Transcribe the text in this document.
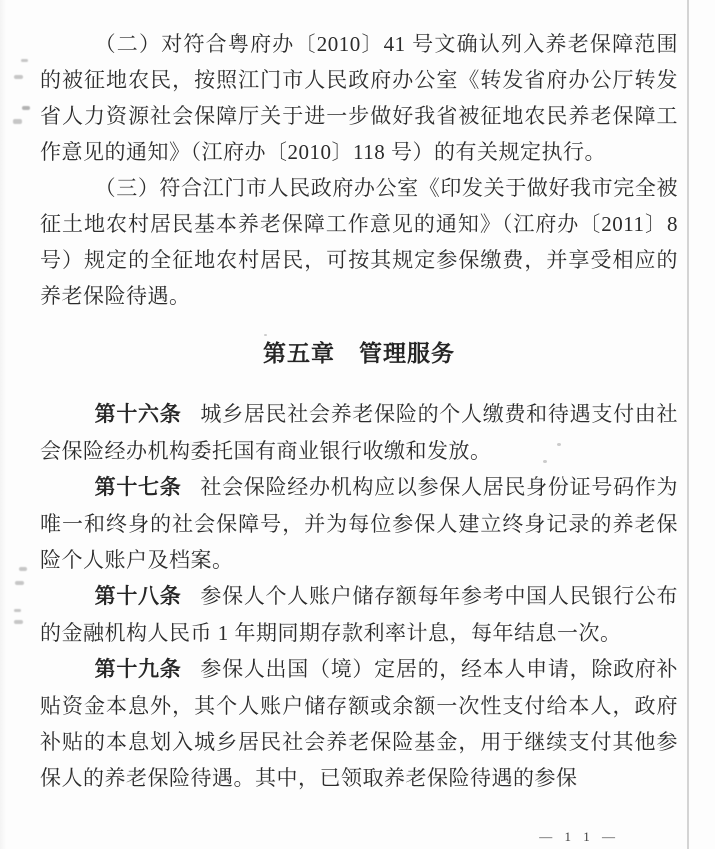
（二）对符合粤府办〔2010〕41 号文确认列入养老保障范围的被征地农民，按照江门市人民政府办公室《转发省府办公厅转发省人力资源社会保障厅关于进一步做好我省被征地农民养老保障工作意见的通知》（江府办〔2010〕118 号）的有关规定执行。

（三）符合江门市人民政府办公室《印发关于做好我市完全被征土地农村居民基本养老保障工作意见的通知》（江府办〔2011〕8 号）规定的全征地农村居民，可按其规定参保缴费，并享受相应的养老保险待遇。

第五章　管理服务

第十六条 城乡居民社会养老保险的个人缴费和待遇支付由社会保险经办机构委托国有商业银行收缴和发放。

第十七条 社会保险经办机构应以参保人居民身份证号码作为唯一和终身的社会保障号，并为每位参保人建立终身记录的养老保险个人账户及档案。

第十八条 参保人个人账户储存额每年参考中国人民银行公布的金融机构人民币 1 年期同期存款利率计息，每年结息一次。

第十九条 参保人出国（境）定居的，经本人申请，除政府补贴资金本息外，其个人账户储存额或余额一次性支付给本人，政府补贴的本息划入城乡居民社会养老保险基金，用于继续支付其他参保人的养老保险待遇。其中，已领取养老保险待遇的参保

— 1 1 —
